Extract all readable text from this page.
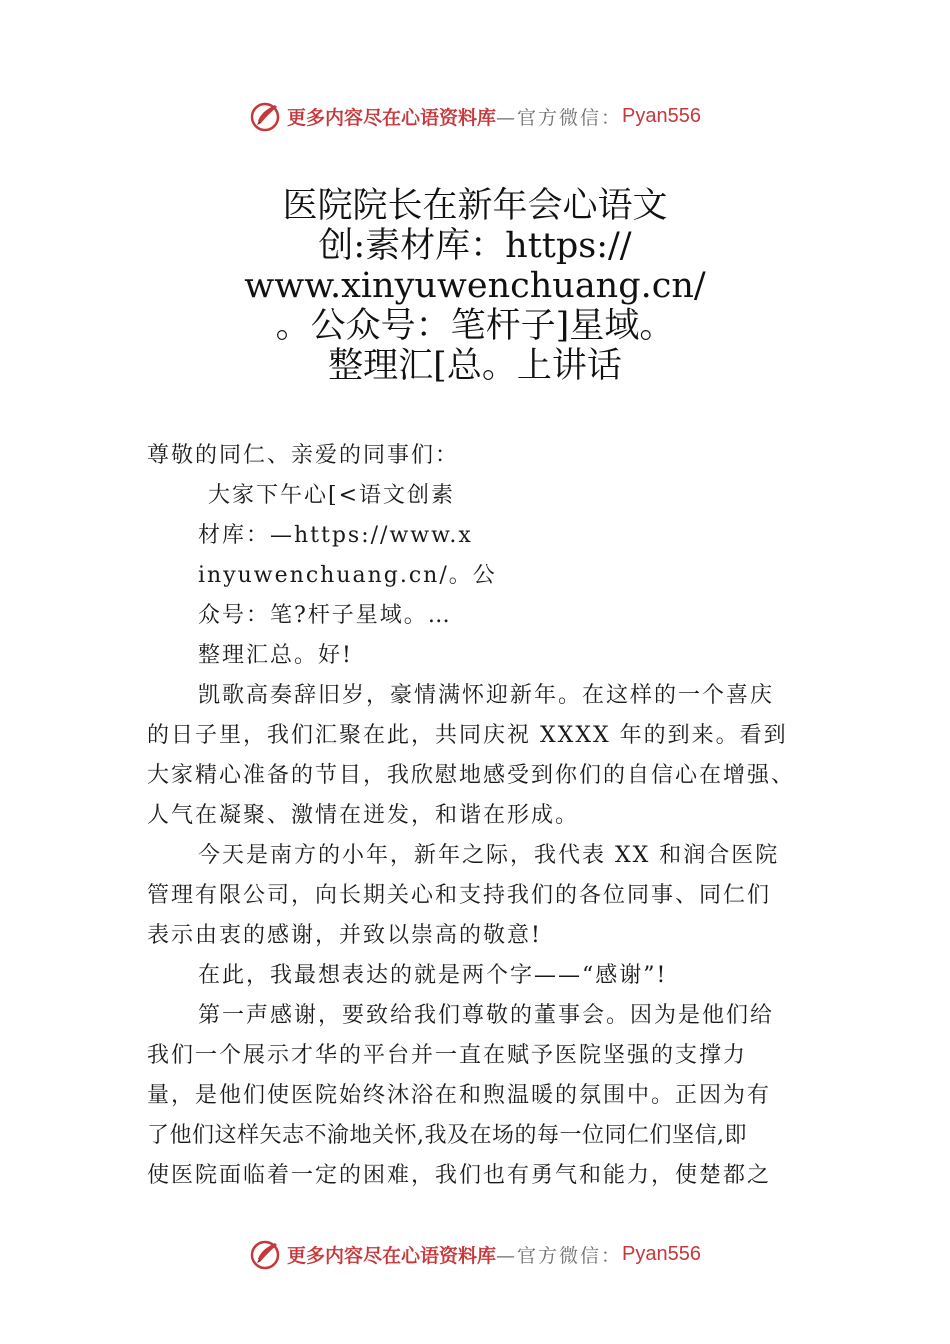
更多内容尽在心语资料库 —官方微信： Pyan556
医院院长在新年会心语文
创:素材库：https://
www.xinyuwenchuang.cn/
。公众号：笔杆子]星域。
整理汇[总。上讲话

尊敬的同仁、亲爱的同事们：

大家下午心[<语文创素

材库：—https://www.x

inyuwenchuang.cn/。公

众号：笔?杆子星域。…

整理汇总。好!

凯歌高奏辞旧岁，豪情满怀迎新年。在这样的一个喜庆

的日子里，我们汇聚在此，共同庆祝 XXXX 年的到来。看到

大家精心准备的节目，我欣慰地感受到你们的自信心在增强、

人气在凝聚、激情在迸发，和谐在形成。

今天是南方的小年，新年之际，我代表 XX 和润合医院

管理有限公司，向长期关心和支持我们的各位同事、同仁们

表示由衷的感谢，并致以崇高的敬意!

在此，我最想表达的就是两个字——“感谢”!

第一声感谢，要致给我们尊敬的董事会。因为是他们给

我们一个展示才华的平台并一直在赋予医院坚强的支撑力

量，是他们使医院始终沐浴在和煦温暖的氛围中。正因为有

了他们这样矢志不渝地关怀,我及在场的每一位同仁们坚信,即

使医院面临着一定的困难，我们也有勇气和能力，使楚都之

更多内容尽在心语资料库 —官方微信： Pyan556
